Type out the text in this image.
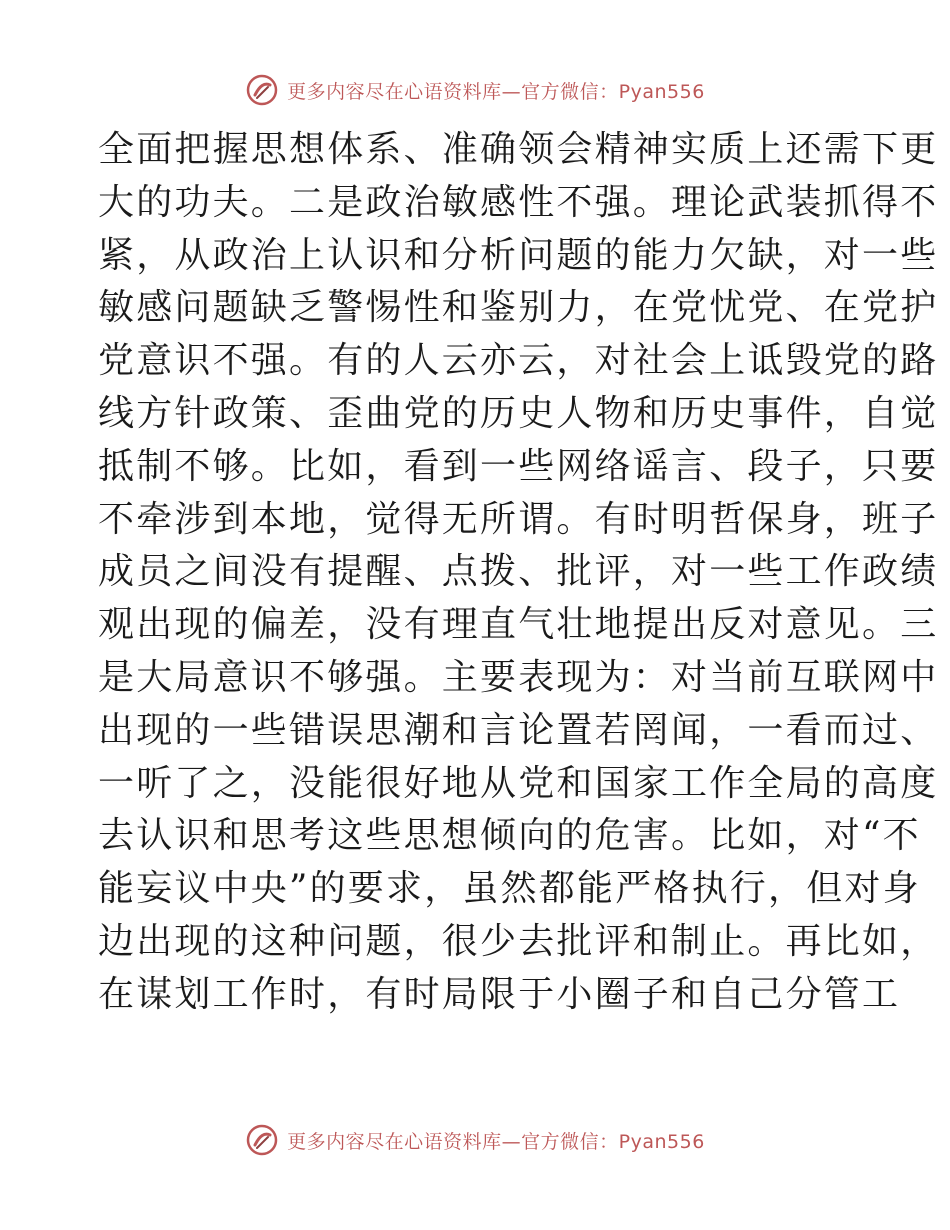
更多内容尽在心语资料库—官方微信：Pyan556
全面把握思想体系、准确领会精神实质上还需下更
大的功夫。二是政治敏感性不强。理论武装抓得不
紧，从政治上认识和分析问题的能力欠缺，对一些
敏感问题缺乏警惕性和鉴别力，在党忧党、在党护
党意识不强。有的人云亦云，对社会上诋毁党的路
线方针政策、歪曲党的历史人物和历史事件，自觉
抵制不够。比如，看到一些网络谣言、段子，只要
不牵涉到本地，觉得无所谓。有时明哲保身，班子
成员之间没有提醒、点拨、批评，对一些工作政绩
观出现的偏差，没有理直气壮地提出反对意见。三
是大局意识不够强。主要表现为：对当前互联网中
出现的一些错误思潮和言论置若罔闻，一看而过、
一听了之，没能很好地从党和国家工作全局的高度
去认识和思考这些思想倾向的危害。比如，对“不
能妄议中央”的要求，虽然都能严格执行，但对身
边出现的这种问题，很少去批评和制止。再比如，
在谋划工作时，有时局限于小圈子和自己分管工
更多内容尽在心语资料库—官方微信：Pyan556
